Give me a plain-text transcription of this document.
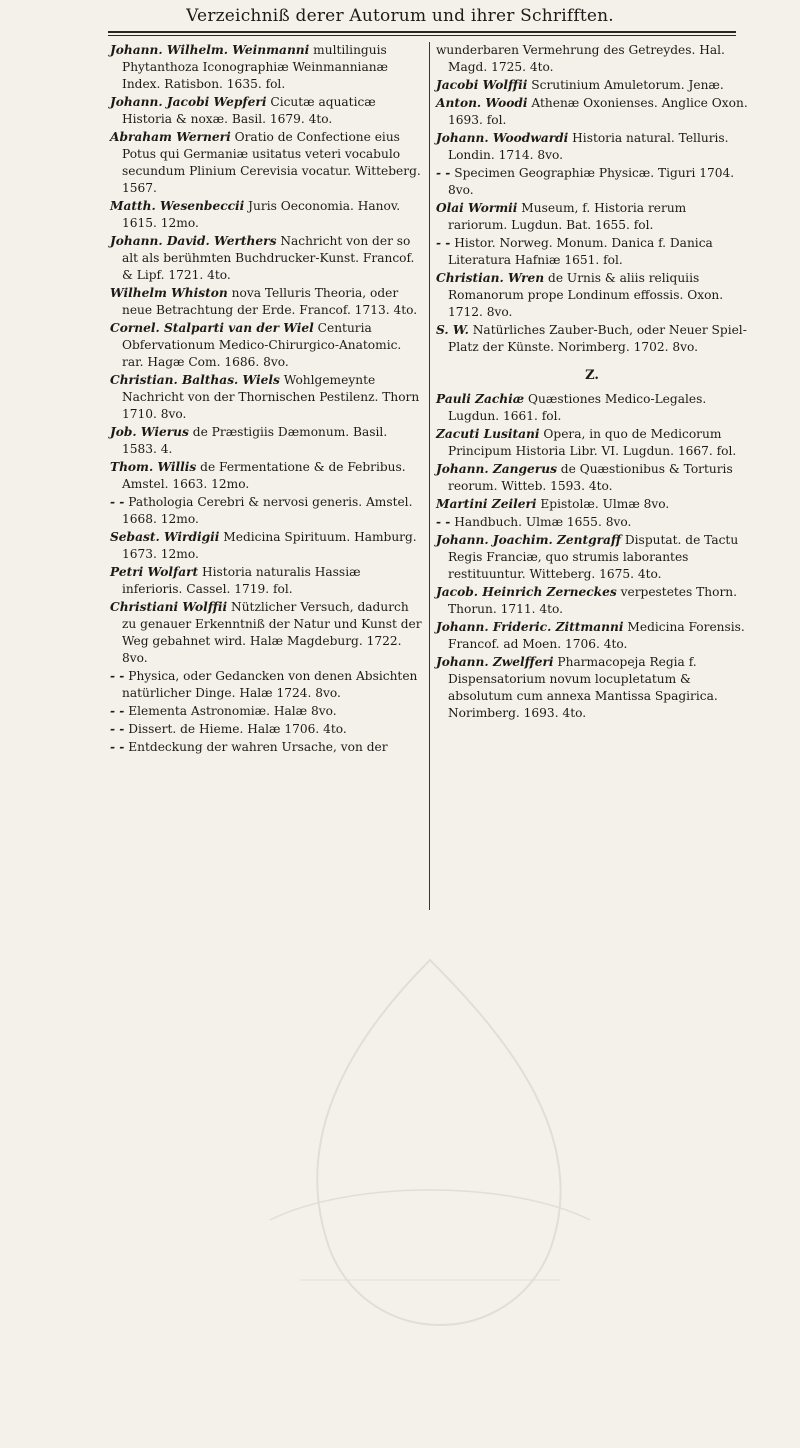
Verzeichniß derer Autorum und ihrer Schrifften.
Johann. Wilhelm. Weinmanni multilinguis Phytanthoza Iconographiæ Weinmannianæ Index. Ratisbon. 1635. fol.
Johann. Jacobi Wepferi Cicutæ aquaticæ Historia & noxæ. Basil. 1679. 4to.
Abraham Werneri Oratio de Confectione eius Potus qui Germaniæ usitatus veteri vocabulo secundum Plinium Cerevisia vocatur. Witteberg. 1567.
Matth. Wesenbeccii Juris Oeconomia. Hanov. 1615. 12mo.
Johann. David. Werthers Nachricht von der so alt als berühmten Buchdrucker-Kunst. Francof. & Lipf. 1721. 4to.
Wilhelm Whiston nova Telluris Theoria, oder neue Betrachtung der Erde. Francof. 1713. 4to.
Cornel. Stalparti van der Wiel Centuria Obfervationum Medico-Chirurgico-Anatomic. rar. Hagæ Com. 1686. 8vo.
Christian. Balthas. Wiels Wohlgemeynte Nachricht von der Thornischen Pestilenz. Thorn 1710. 8vo.
Job. Wierus de Præstigiis Dæmonum. Basil. 1583. 4.
Thom. Willis de Fermentatione & de Febribus. Amstel. 1663. 12mo.
- - Pathologia Cerebri & nervosi generis. Amstel. 1668. 12mo.
Sebast. Wirdigii Medicina Spirituum. Hamburg. 1673. 12mo.
Petri Wolfart Historia naturalis Hassiæ inferioris. Cassel. 1719. fol.
Christiani Wolffii Nützlicher Versuch, dadurch zu genauer Erkenntniß der Natur und Kunst der Weg gebahnet wird. Halæ Magdeburg. 1722. 8vo.
- - Physica, oder Gedancken von denen Absichten natürlicher Dinge. Halæ 1724. 8vo.
- - Elementa Astronomiæ. Halæ 8vo.
- - Dissert. de Hieme. Halæ 1706. 4to.
- - Entdeckung der wahren Ursache, von der
wunderbaren Vermehrung des Getreydes. Hal. Magd. 1725. 4to.
Jacobi Wolffii Scrutinium Amuletorum. Jenæ.
Anton. Woodi Athenæ Oxonienses. Anglice Oxon. 1693. fol.
Johann. Woodwardi Historia natural. Telluris. Londin. 1714. 8vo.
- - Specimen Geographiæ Physicæ. Tiguri 1704. 8vo.
Olai Wormii Museum, f. Historia rerum rariorum. Lugdun. Bat. 1655. fol.
- - Histor. Norweg. Monum. Danica f. Danica Literatura Hafniæ 1651. fol.
Christian. Wren de Urnis & aliis reliquiis Romanorum prope Londinum effossis. Oxon. 1712. 8vo.
S. W. Natürliches Zauber-Buch, oder Neuer Spiel-Platz der Künste. Norimberg. 1702. 8vo.
Z.
Pauli Zachiæ Quæstiones Medico-Legales. Lugdun. 1661. fol.
Zacuti Lusitani Opera, in quo de Medicorum Principum Historia Libr. VI. Lugdun. 1667. fol.
Johann. Zangerus de Quæstionibus & Torturis reorum. Witteb. 1593. 4to.
Martini Zeileri Epistolæ. Ulmæ 8vo.
- - Handbuch. Ulmæ 1655. 8vo.
Johann. Joachim. Zentgraff Disputat. de Tactu Regis Franciæ, quo strumis laborantes restituuntur. Witteberg. 1675. 4to.
Jacob. Heinrich Zerneckes verpestetes Thorn. Thorun. 1711. 4to.
Johann. Frideric. Zittmanni Medicina Forensis. Francof. ad Moen. 1706. 4to.
Johann. Zwelfferi Pharmacopeja Regia f. Dispensatorium novum locupletatum & absolutum cum annexa Mantissa Spagirica. Norimberg. 1693. 4to.
